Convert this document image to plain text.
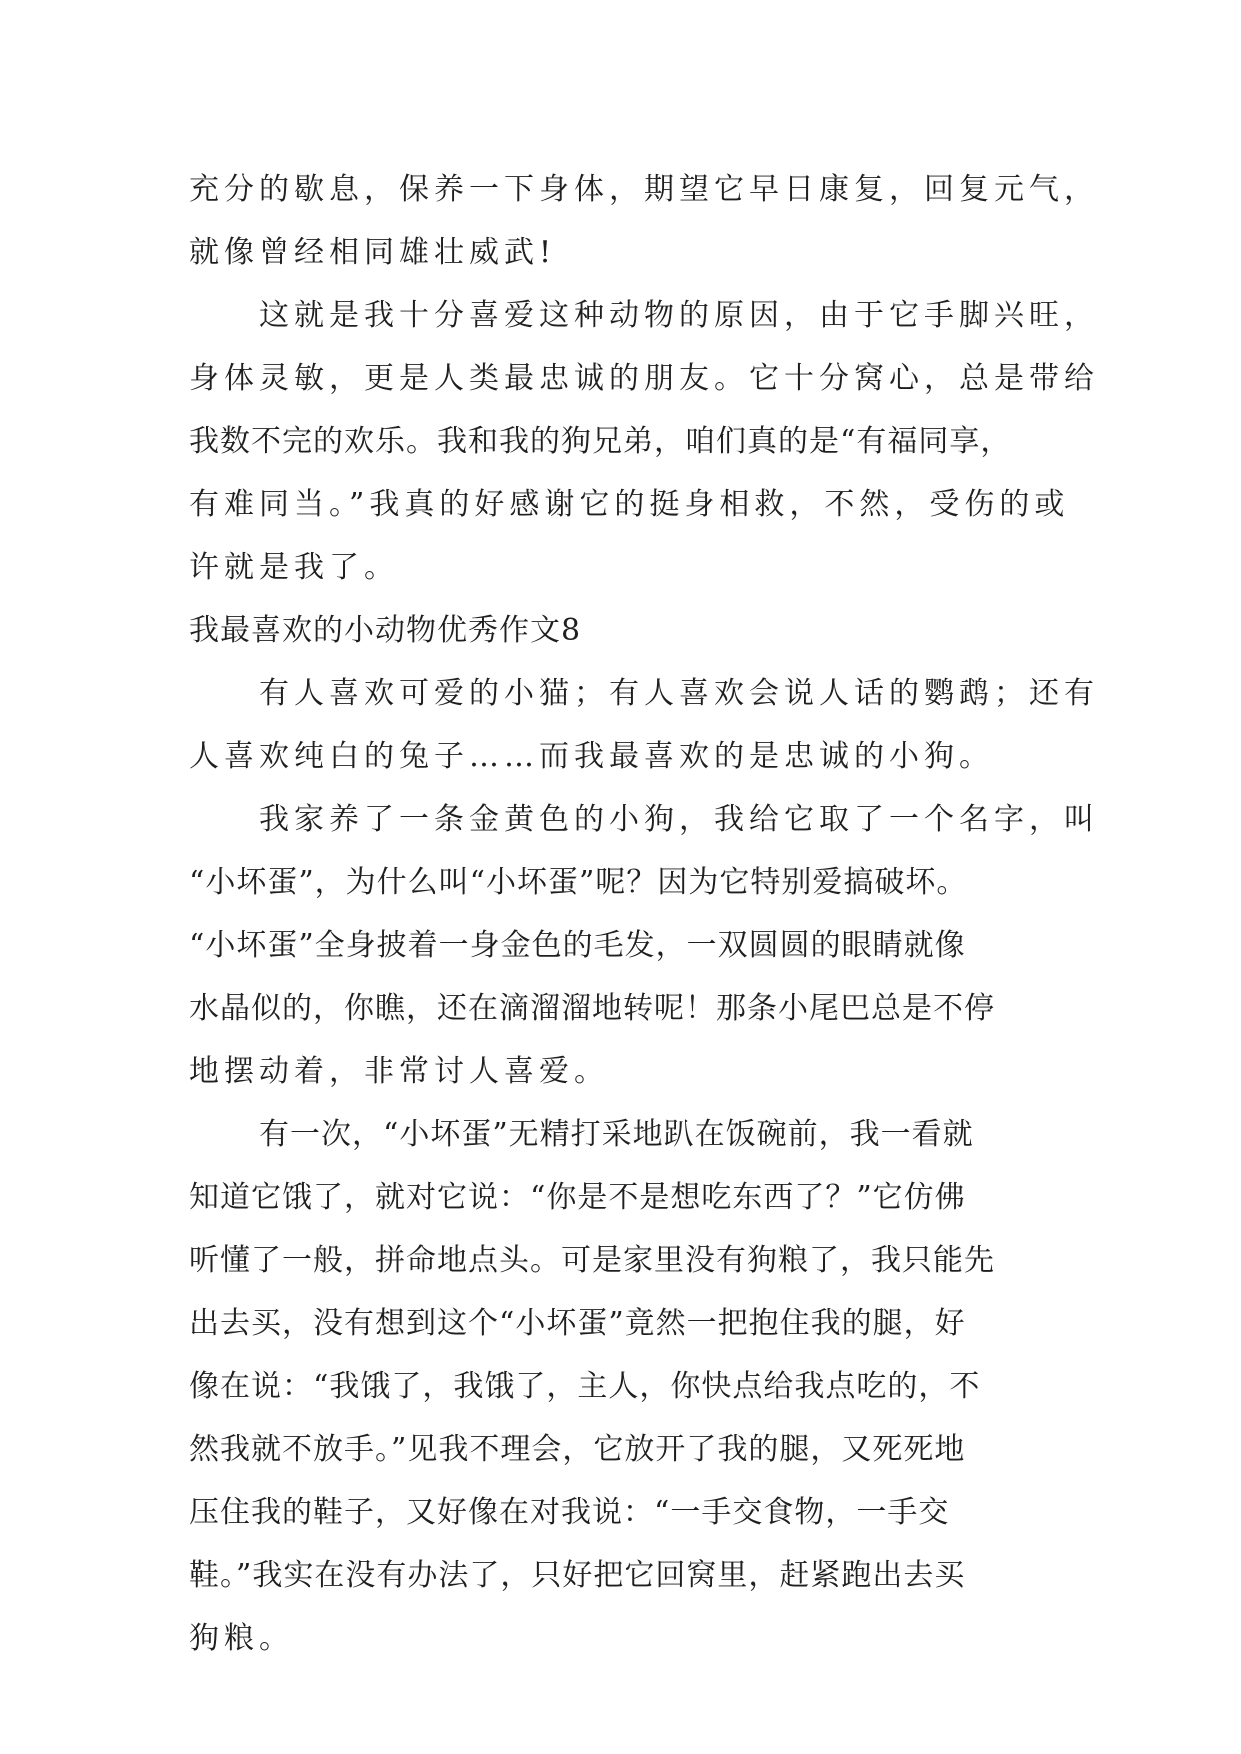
充分的歇息，保养一下身体，期望它早日康复，回复元气，
就像曾经相同雄壮威武!
这就是我十分喜爱这种动物的原因，由于它手脚兴旺，
身体灵敏，更是人类最忠诚的朋友。它十分窝心，总是带给
我数不完的欢乐。我和我的狗兄弟，咱们真的是“有福同享，
有难同当。”我真的好感谢它的挺身相救，不然，受伤的或
许就是我了。
我最喜欢的小动物优秀作文8
有人喜欢可爱的小猫；有人喜欢会说人话的鹦鹉；还有
人喜欢纯白的兔子……而我最喜欢的是忠诚的小狗。
我家养了一条金黄色的小狗，我给它取了一个名字，叫
“小坏蛋”，为什么叫“小坏蛋”呢？因为它特别爱搞破坏。
“小坏蛋”全身披着一身金色的毛发，一双圆圆的眼睛就像
水晶似的，你瞧，还在滴溜溜地转呢！那条小尾巴总是不停
地摆动着，非常讨人喜爱。
有一次，“小坏蛋”无精打采地趴在饭碗前，我一看就
知道它饿了，就对它说：“你是不是想吃东西了？”它仿佛
听懂了一般，拼命地点头。可是家里没有狗粮了，我只能先
出去买，没有想到这个“小坏蛋”竟然一把抱住我的腿，好
像在说：“我饿了，我饿了，主人，你快点给我点吃的，不
然我就不放手。”见我不理会，它放开了我的腿，又死死地
压住我的鞋子，又好像在对我说：“一手交食物，一手交
鞋。”我实在没有办法了，只好把它回窝里，赶紧跑出去买
狗粮。
